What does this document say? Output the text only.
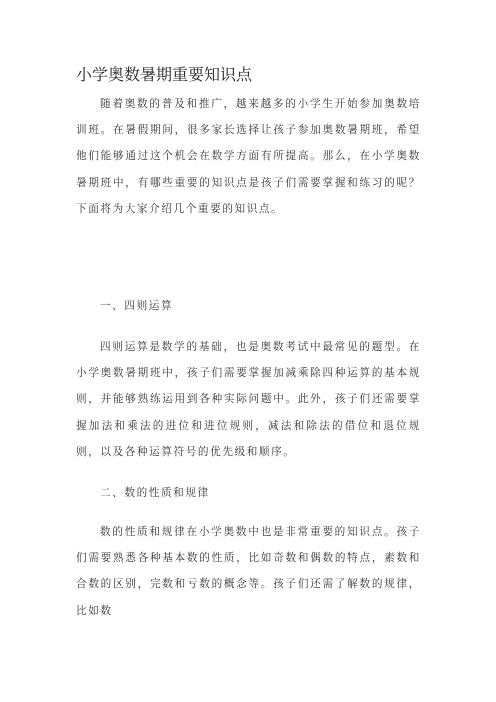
小学奥数暑期重要知识点

随着奥数的普及和推广，越来越多的小学生开始参加奥数培训班。在暑假期间，很多家长选择让孩子参加奥数暑期班，希望他们能够通过这个机会在数学方面有所提高。那么，在小学奥数暑期班中，有哪些重要的知识点是孩子们需要掌握和练习的呢？下面将为大家介绍几个重要的知识点。

一、四则运算

四则运算是数学的基础，也是奥数考试中最常见的题型。在小学奥数暑期班中，孩子们需要掌握加减乘除四种运算的基本规则，并能够熟练运用到各种实际问题中。此外，孩子们还需要掌握加法和乘法的进位和进位规则，减法和除法的借位和退位规则，以及各种运算符号的优先级和顺序。

二、数的性质和规律

数的性质和规律在小学奥数中也是非常重要的知识点。孩子们需要熟悉各种基本数的性质，比如奇数和偶数的特点，素数和合数的区别，完数和亏数的概念等。孩子们还需了解数的规律，比如数
